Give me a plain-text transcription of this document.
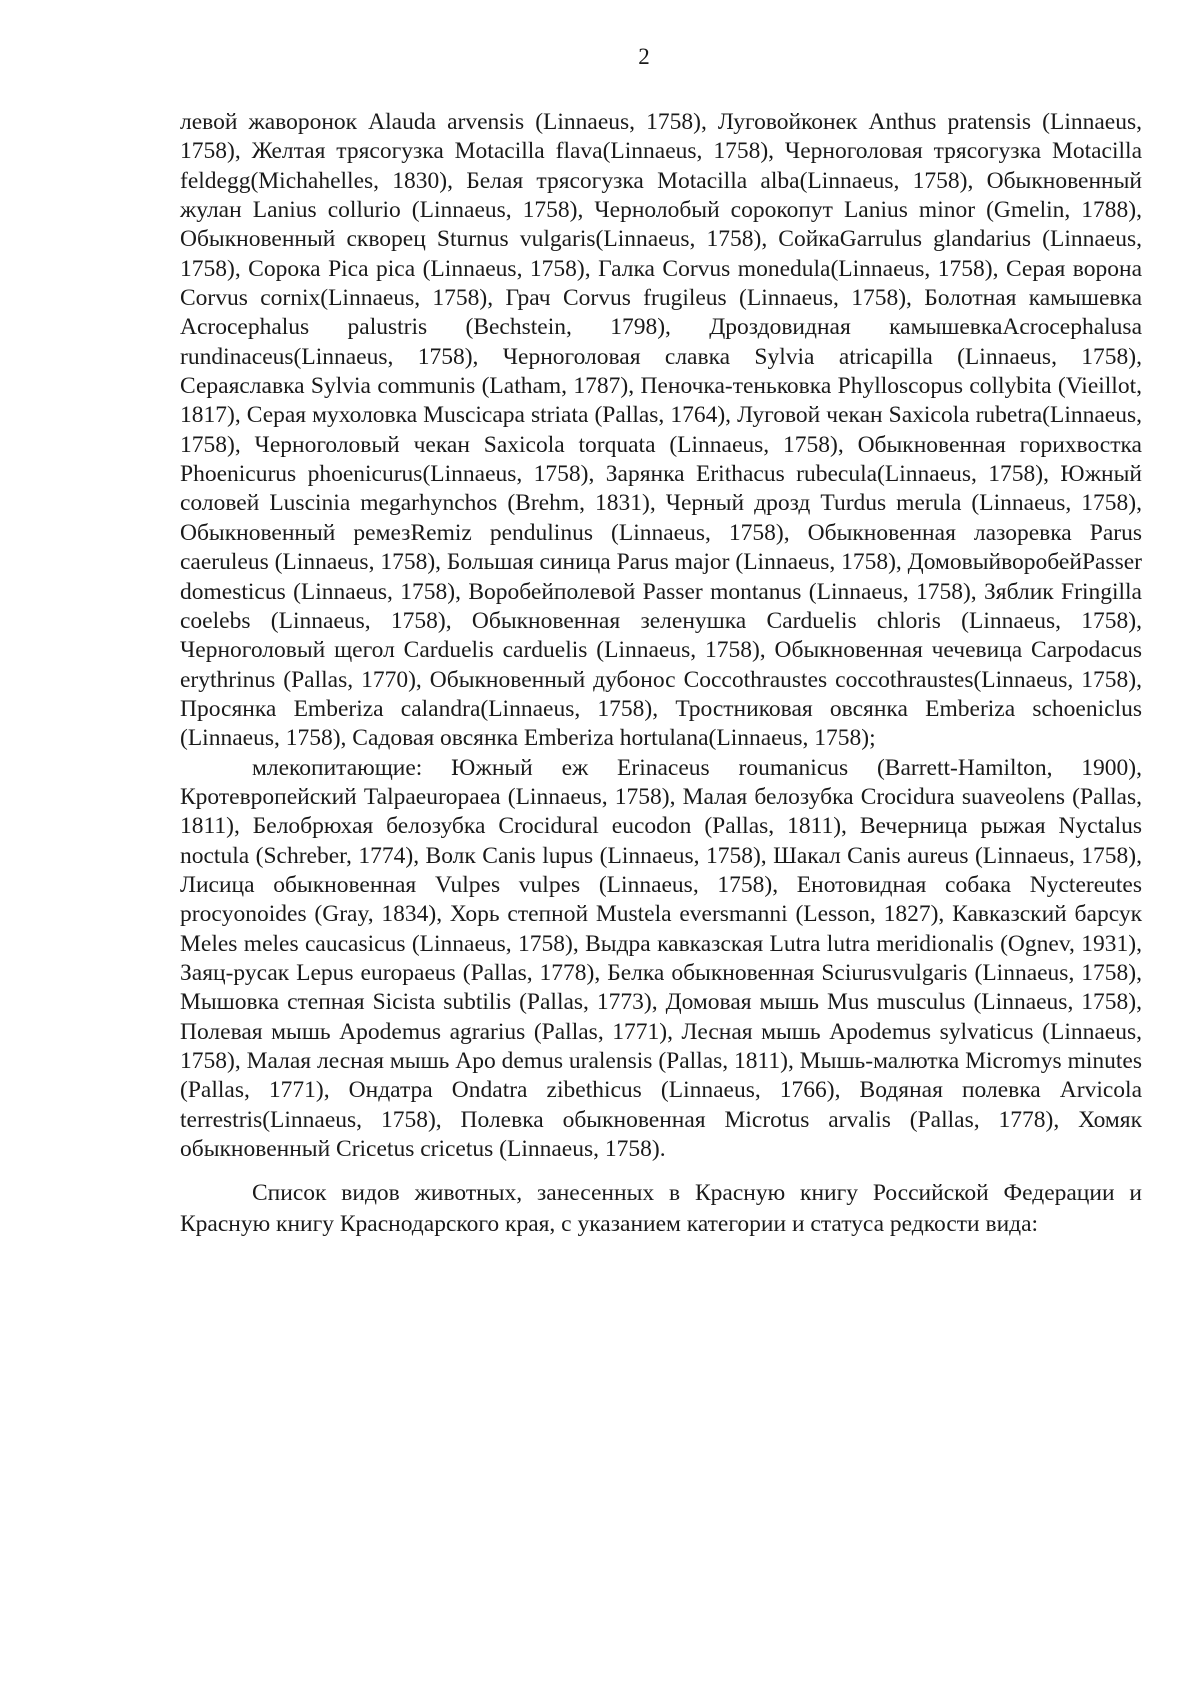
2

левой жаворонок Alauda arvensis (Linnaeus, 1758), Луговойконек Anthus pratensis (Linnaeus, 1758), Желтая трясогузка Motacilla flava(Linnaeus, 1758), Черноголовая трясогузка Motacilla feldegg(Michahelles, 1830), Белая трясогузка Motacilla alba(Linnaeus, 1758), Обыкновенный жулан Lanius collurio (Linnaeus, 1758), Чернолобый сорокопут Lanius minor (Gmelin, 1788), Обыкновенный скворец Sturnus vulgaris(Linnaeus, 1758), СойкаGarrulus glandarius (Linnaeus, 1758), Сорока Pica pica (Linnaeus, 1758), Галка Corvus monedula(Linnaeus, 1758), Серая ворона Corvus cornix(Linnaeus, 1758), Грач Corvus frugileus (Linnaeus, 1758), Болотная камышевка Acrocephalus palustris (Bechstein, 1798), Дроздовидная камышевкаAcrocephalusa rundinaceus(Linnaeus, 1758), Черноголовая славка Sylvia atricapilla (Linnaeus, 1758), Сераяславка Sylvia communis (Latham, 1787), Пеночка-теньковка Phylloscopus collybita (Vieillot, 1817), Серая мухоловка Muscicapa striata (Pallas, 1764), Луговой чекан Saxicola rubetra(Linnaeus, 1758), Черноголовый чекан Saxicola torquata (Linnaeus, 1758), Обыкновенная горихвостка Phoenicurus phoenicurus(Linnaeus, 1758), Зарянка Erithacus rubecula(Linnaeus, 1758), Южный соловей Luscinia megarhynchos (Brehm, 1831), Черный дрозд Turdus merula (Linnaeus, 1758), Обыкновенный ремезRemiz pendulinus (Linnaeus, 1758), Обыкновенная лазоревка Parus caeruleus (Linnaeus, 1758), Большая синица Parus major (Linnaeus, 1758), ДомовыйворобейPasser domesticus (Linnaeus, 1758), Воробейполевой Passer montanus (Linnaeus, 1758), Зяблик Fringilla coelebs (Linnaeus, 1758), Обыкновенная зеленушка Carduelis chloris (Linnaeus, 1758), Черноголовый щегол Carduelis carduelis (Linnaeus, 1758), Обыкновенная чечевица Carpodacus erythrinus (Pallas, 1770), Обыкновенный дубонос Coccothraustes coccothraustes(Linnaeus, 1758), Просянка Emberiza calandra(Linnaeus, 1758), Тростниковая овсянка Emberiza schoeniclus (Linnaeus, 1758), Садовая овсянка Emberiza hortulana(Linnaeus, 1758);

млекопитающие: Южный еж Erinaceus roumanicus (Barrett-Hamilton, 1900), Кротевропейский Talpaeuropaea (Linnaeus, 1758), Малая белозубка Crocidura suaveolens (Pallas, 1811), Белобрюхая белозубка Crocidural eucodon (Pallas, 1811), Вечерница рыжая Nyctalus noctula (Schreber, 1774), Волк Canis lupus (Linnaeus, 1758), Шакал Canis aureus (Linnaeus, 1758), Лисица обыкновенная Vulpes vulpes (Linnaeus, 1758), Енотовидная собака Nyctereutes procyonoides (Gray, 1834), Хорь степной Mustela eversmanni (Lesson, 1827), Кавказский барсук Meles meles caucasicus (Linnaeus, 1758), Выдра кавказская Lutra lutra meridionalis (Ognev, 1931), Заяц-русак Lepus europaeus (Pallas, 1778), Белка обыкновенная Sciurusvulgaris (Linnaeus, 1758), Мышовка степная Sicista subtilis (Pallas, 1773), Домовая мышь Mus musculus (Linnaeus, 1758), Полевая мышь Apodemus agrarius (Pallas, 1771), Лесная мышь Apodemus sylvaticus (Linnaeus, 1758), Малая лесная мышь Apo demus uralensis (Pallas, 1811), Мышь-малютка Micromys minutes (Pallas, 1771), Ондатра Ondatra zibethicus (Linnaeus, 1766), Водяная полевка Arvicola terrestris(Linnaeus, 1758), Полевка обыкновенная Microtus arvalis (Pallas, 1778), Хомяк обыкновенный Cricetus cricetus (Linnaeus, 1758).

Список видов животных, занесенных в Красную книгу Российской Федерации и Красную книгу Краснодарского края, с указанием категории и статуса редкости вида:
